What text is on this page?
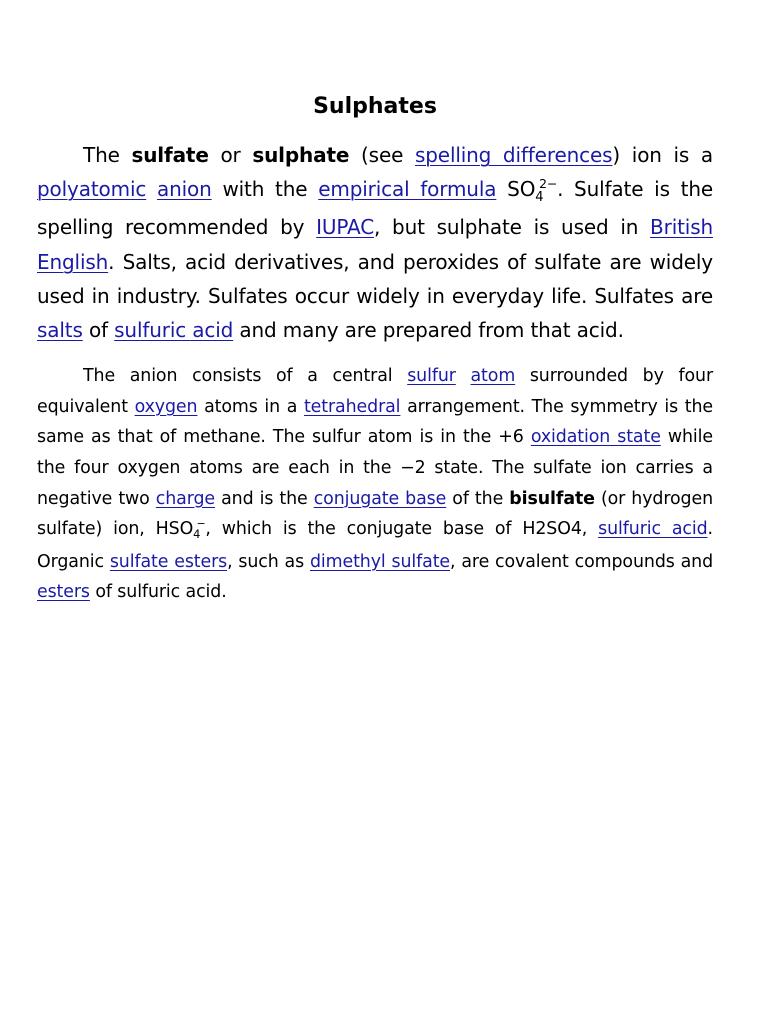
Sulphates

The sulfate or sulphate (see spelling differences) ion is a polyatomic anion with the empirical formula $SO_4^{2-}$. Sulfate is the spelling recommended by IUPAC, but sulphate is used in British English. Salts, acid derivatives, and peroxides of sulfate are widely used in industry. Sulfates occur widely in everyday life. Sulfates are salts of sulfuric acid and many are prepared from that acid.

The anion consists of a central sulfur atom surrounded by four equivalent oxygen atoms in a tetrahedral arrangement. The symmetry is the same as that of methane. The sulfur atom is in the +6 oxidation state while the four oxygen atoms are each in the −2 state. The sulfate ion carries a negative two charge and is the conjugate base of the bisulfate (or hydrogen sulfate) ion, $HSO_4^-$, which is the conjugate base of H2SO4, sulfuric acid. Organic sulfate esters, such as dimethyl sulfate, are covalent compounds and esters of sulfuric acid.
